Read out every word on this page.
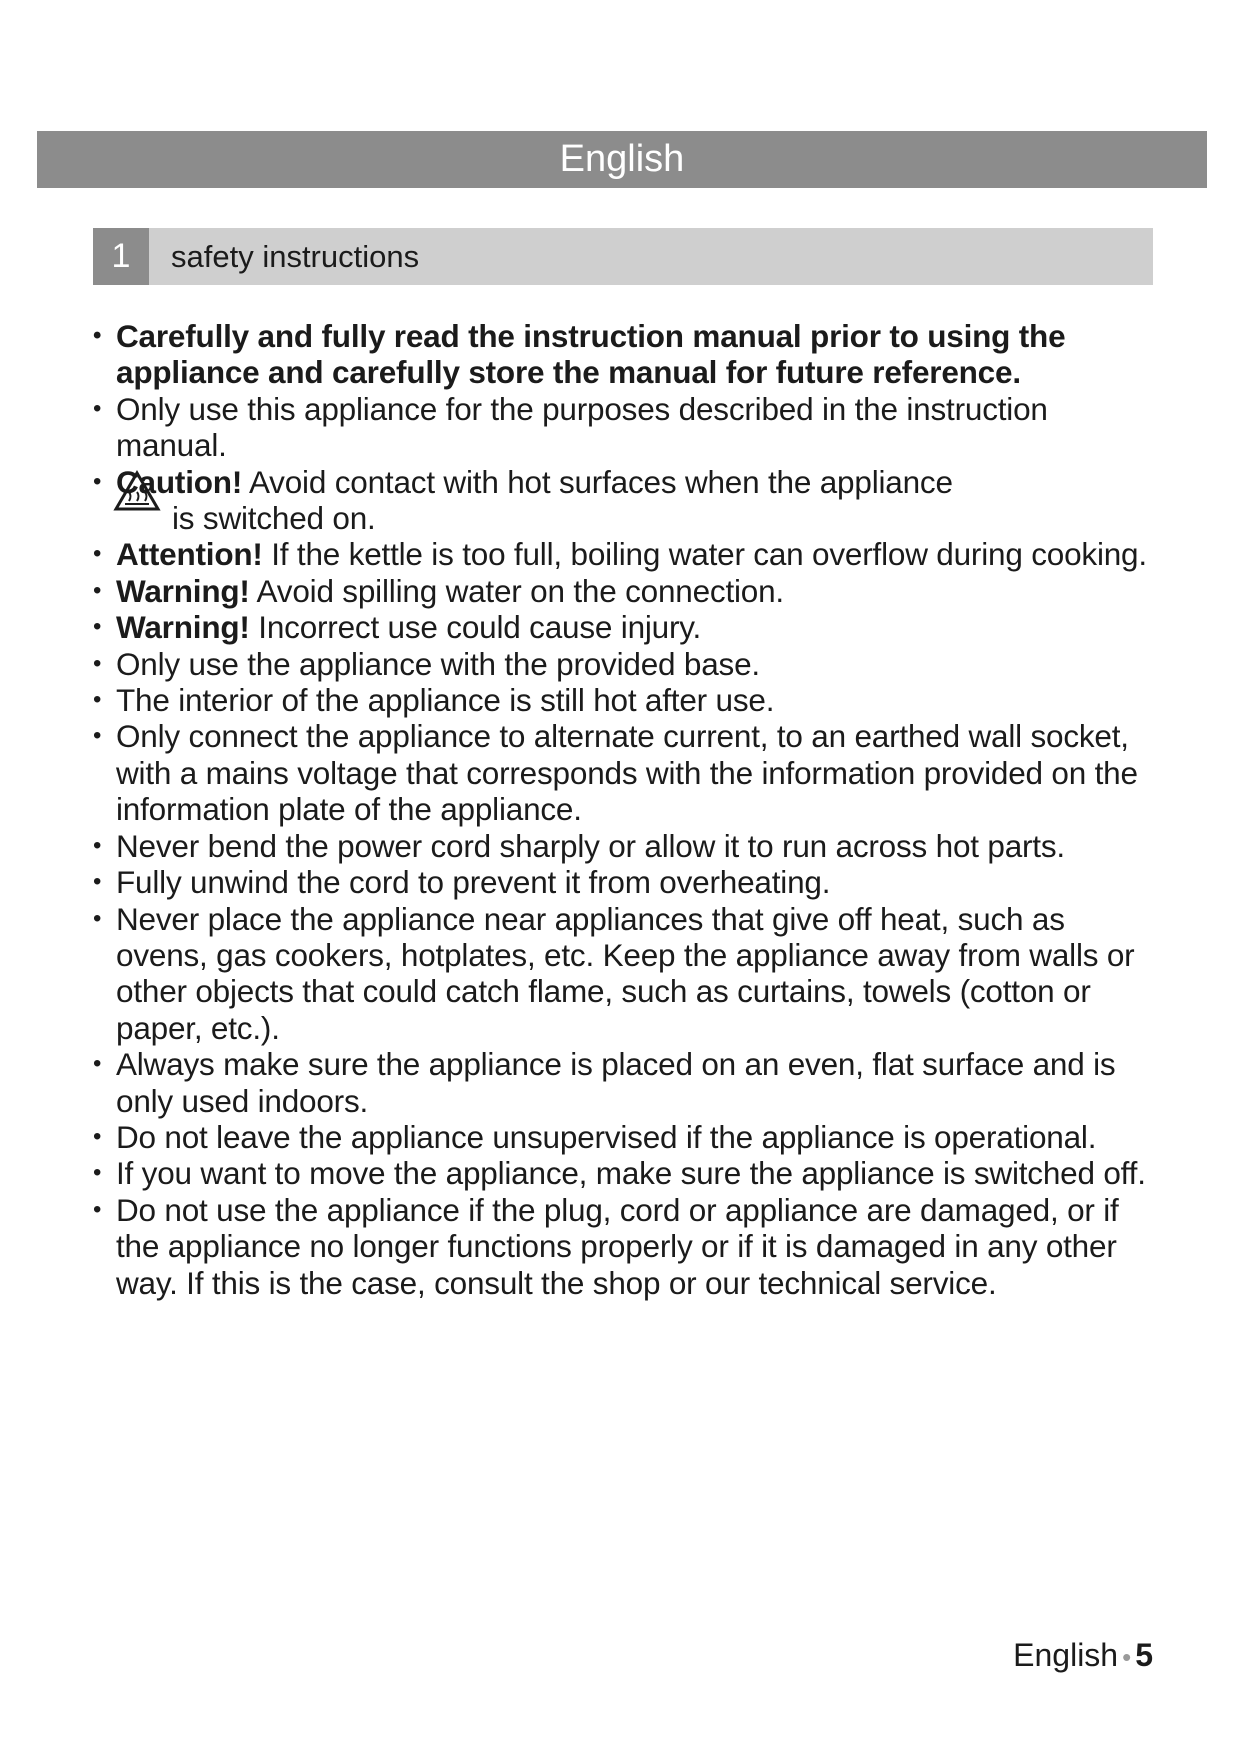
English
1	safety instructions
• Carefully and fully read the instruction manual prior to using the appliance and carefully store the manual for future reference.
• Only use this appliance for the purposes described in the instruction manual.
• Caution! Avoid contact with hot surfaces when the appliance
is switched on.
• Attention! If the kettle is too full, boiling water can overflow during cooking.
• Warning! Avoid spilling water on the connection.
• Warning! Incorrect use could cause injury.
• Only use the appliance with the provided base.
• The interior of the appliance is still hot after use.
• Only connect the appliance to alternate current, to an earthed wall socket, with a mains voltage that corresponds with the information provided on the information plate of the appliance.
• Never bend the power cord sharply or allow it to run across hot parts.
• Fully unwind the cord to prevent it from overheating.
• Never place the appliance near appliances that give off heat, such as ovens, gas cookers, hotplates, etc. Keep the appliance away from walls or other objects that could catch flame, such as curtains, towels (cotton or paper, etc.).
• Always make sure the appliance is placed on an even, flat surface and is only used indoors.
• Do not leave the appliance unsupervised if the appliance is operational.
• If you want to move the appliance, make sure the appliance is switched off.
• Do not use the appliance if the plug, cord or appliance are damaged, or if the appliance no longer functions properly or if it is damaged in any other way. If this is the case, consult the shop or our technical service.
English • 5
